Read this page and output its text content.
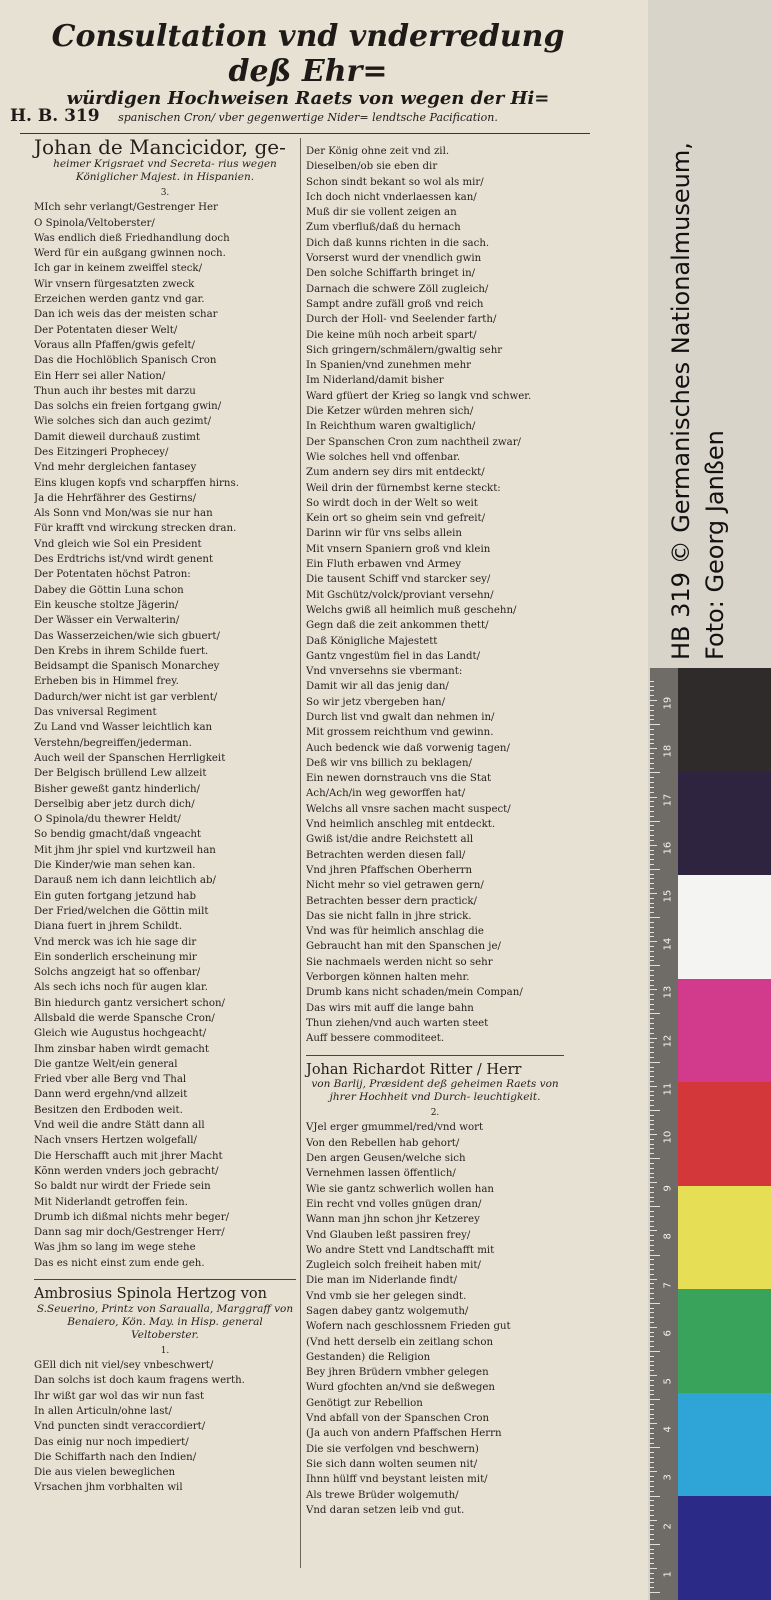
Consultation vnd vnderredung deß Ehr=
würdigen Hochweisen Raets von wegen der Hi=
spanischen Cron/ vber gegenwertige Nider= lendtsche Pacification.
H. B. 319
Johan de Mancicidor, ge-
heimer Krigsraet vnd Secreta- rius wegen Königlicher Majest. in Hispanien.
3.
MIch sehr verlangt/Gestrenger Her
O Spinola/Veltoberster/
Was endlich dieß Friedhandlung doch
Werd für ein außgang gwinnen noch.
Ich gar in keinem zweiffel steck/
Wir vnsern fürgesatzten zweck
Erzeichen werden gantz vnd gar.
Dan ich weis das der meisten schar
Der Potentaten dieser Welt/
Voraus alln Pfaffen/gwis gefelt/
Das die Hochlöblich Spanisch Cron
Ein Herr sei aller Nation/
Thun auch ihr bestes mit darzu
Das solchs ein freien fortgang gwin/
Wie solches sich dan auch gezimt/
Damit dieweil durchauß zustimt
Des Eitzingeri Prophecey/
Vnd mehr dergleichen fantasey
Eins klugen kopfs vnd scharpffen hirns.
Ja die Hehrfährer des Gestirns/
Als Sonn vnd Mon/was sie nur han
Für krafft vnd wirckung strecken dran.
Vnd gleich wie Sol ein President
Des Erdtrichs ist/vnd wirdt genent
Der Potentaten höchst Patron:
Dabey die Göttin Luna schon
Ein keusche stoltze Jägerin/
Der Wässer ein Verwalterin/
Das Wasserzeichen/wie sich gbuert/
Den Krebs in ihrem Schilde fuert.
Beidsampt die Spanisch Monarchey
Erheben bis in Himmel frey.
Dadurch/wer nicht ist gar verblent/
Das vniversal Regiment
Zu Land vnd Wasser leichtlich kan
Verstehn/begreiffen/jederman.
Auch weil der Spanschen Herrligkeit
Der Belgisch brüllend Lew allzeit
Bisher geweßt gantz hinderlich/
Derselbig aber jetz durch dich/
O Spinola/du thewrer Heldt/
So bendig gmacht/daß vngeacht
Mit jhm jhr spiel vnd kurtzweil han
Die Kinder/wie man sehen kan.
Darauß nem ich dann leichtlich ab/
Ein guten fortgang jetzund hab
Der Fried/welchen die Göttin milt
Diana fuert in jhrem Schildt.
Vnd merck was ich hie sage dir
Ein sonderlich erscheinung mir
Solchs angzeigt hat so offenbar/
Als sech ichs noch für augen klar.
Bin hiedurch gantz versichert schon/
Allsbald die werde Spansche Cron/
Gleich wie Augustus hochgeacht/
Ihm zinsbar haben wirdt gemacht
Die gantze Welt/ein general
Fried vber alle Berg vnd Thal
Dann werd ergehn/vnd allzeit
Besitzen den Erdboden weit.
Vnd weil die andre Stätt dann all
Nach vnsers Hertzen wolgefall/
Die Herschafft auch mit jhrer Macht
Kõnn werden vnders joch gebracht/
So baldt nur wirdt der Friede sein
Mit Niderlandt getroffen fein.
Drumb ich dißmal nichts mehr beger/
Dann sag mir doch/Gestrenger Herr/
Was jhm so lang im wege stehe
Das es nicht einst zum ende geh.
Ambrosius Spinola Hertzog von
S.Seuerino, Printz von Saraualla, Marggraff von Benaiero, Kön. May. in Hisp. general Veltoberster.
1.
GEll dich nit viel/sey vnbeschwert/
Dan solchs ist doch kaum fragens werth.
Ihr wißt gar wol das wir nun fast
In allen Articuln/ohne last/
Vnd puncten sindt veraccordiert/
Das einig nur noch impediert/
Die Schiffarth nach den Indien/
Die aus vielen beweglichen
Vrsachen jhm vorbhalten wil
Der König ohne zeit vnd zil.
Dieselben/ob sie eben dir
Schon sindt bekant so wol als mir/
Ich doch nicht vnderlaessen kan/
Muß dir sie vollent zeigen an
Zum vberfluß/daß du hernach
Dich daß kunns richten in die sach.
Vorserst wurd der vnendlich gwin
Den solche Schiffarth bringet in/
Darnach die schwere Zöll zugleich/
Sampt andre zufäll groß vnd reich
Durch der Holl- vnd Seelender farth/
Die keine müh noch arbeit spart/
Sich gringern/schmälern/gwaltig sehr
In Spanien/vnd zunehmen mehr
Im Niderland/damit bisher
Ward gfüert der Krieg so langk vnd schwer.
Die Ketzer würden mehren sich/
In Reichthum waren gwaltiglich/
Der Spanschen Cron zum nachtheil zwar/
Wie solches hell vnd offenbar.
Zum andern sey dirs mit entdeckt/
Weil drin der fürnembst kerne steckt:
So wirdt doch in der Welt so weit
Kein ort so gheim sein vnd gefreit/
Darinn wir für vns selbs allein
Mit vnsern Spaniern groß vnd klein
Ein Fluth erbawen vnd Armey
Die tausent Schiff vnd starcker sey/
Mit Gschütz/volck/proviant versehn/
Welchs gwiß all heimlich muß geschehn/
Gegn daß die zeit ankommen thett/
Daß Königliche Majestett
Gantz vngestüm fiel in das Landt/
Vnd vnversehns sie vbermant:
Damit wir all das jenig dan/
So wir jetz vbergeben han/
Durch list vnd gwalt dan nehmen in/
Mit grossem reichthum vnd gewinn.
Auch bedenck wie daß vorwenig tagen/
Deß wir vns billich zu beklagen/
Ein newen dornstrauch vns die Stat
Ach/Ach/in weg geworffen hat/
Welchs all vnsre sachen macht suspect/
Vnd heimlich anschleg mit entdeckt.
Gwiß ist/die andre Reichstett all
Betrachten werden diesen fall/
Vnd jhren Pfaffschen Oberherrn
Nicht mehr so viel getrawen gern/
Betrachten besser dern practick/
Das sie nicht falln in jhre strick.
Vnd was für heimlich anschlag die
Gebraucht han mit den Spanschen je/
Sie nachmaels werden nicht so sehr
Verborgen können halten mehr.
Drumb kans nicht schaden/mein Compan/
Das wirs mit auff die lange bahn
Thun ziehen/vnd auch warten steet
Auff bessere commoditeet.
Johan Richardot Ritter / Herr
von Barlij, Præsident deß geheimen Raets von jhrer Hochheit vnd Durch- leuchtigkeit.
2.
VJel erger gmummel/red/vnd wort
Von den Rebellen hab gehort/
Den argen Geusen/welche sich
Vernehmen lassen öffentlich/
Wie sie gantz schwerlich wollen han
Ein recht vnd volles gnügen dran/
Wann man jhn schon jhr Ketzerey
Vnd Glauben leßt passiren frey/
Wo andre Stett vnd Landtschafft mit
Zugleich solch freiheit haben mit/
Die man im Niderlande findt/
Vnd vmb sie her gelegen sindt.
Sagen dabey gantz wolgemuth/
Wofern nach geschlossnem Frieden gut
(Vnd hett derselb ein zeitlang schon
Gestanden) die Religion
Bey jhren Brüdern vmbher gelegen
Wurd gfochten an/vnd sie deßwegen
Genötigt zur Rebellion
Vnd abfall von der Spanschen Cron
(Ja auch von andern Pfaffschen Herrn
Die sie verfolgen vnd beschwern)
Sie sich dann wolten seumen nit/
Ihnn hülff vnd beystant leisten mit/
Als trewe Brüder wolgemuth/
Vnd daran setzen leib vnd gut.
HB 319 © Germanisches Nationalmuseum, Foto: Georg Janßen
1
2
3
4
5
6
7
8
9
10
11
12
13
14
15
16
17
18
19
